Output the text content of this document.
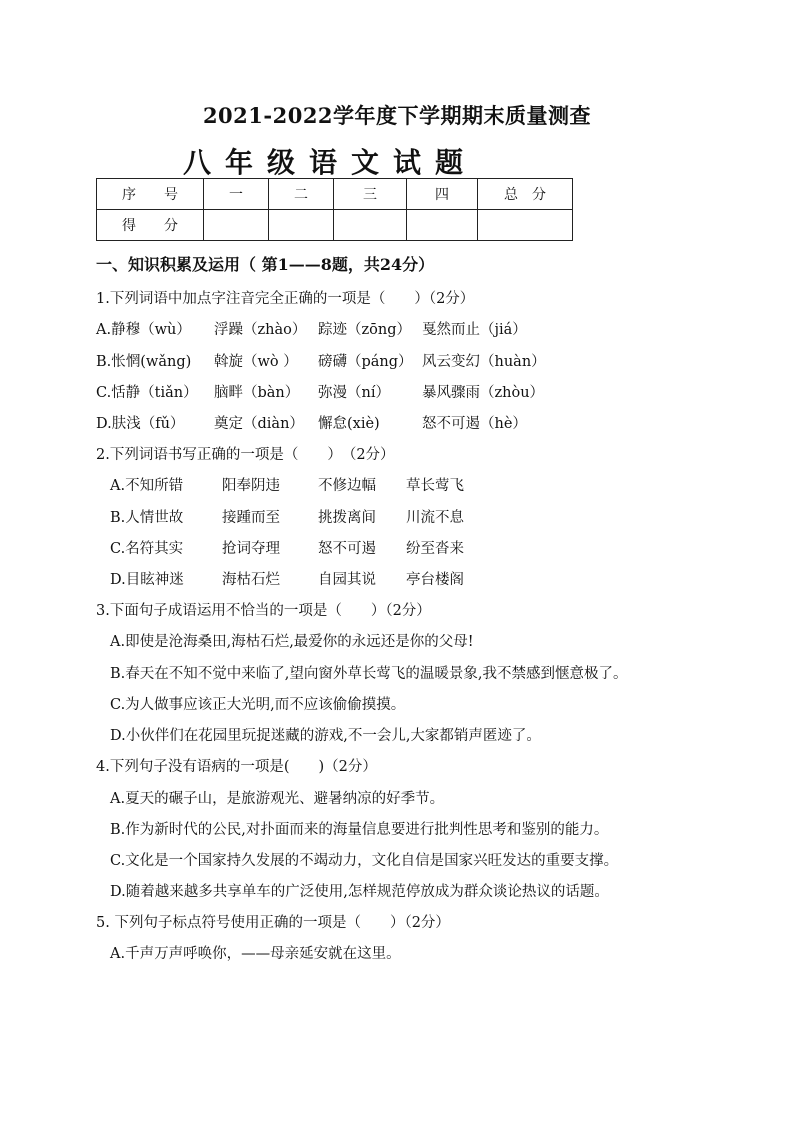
2021-2022学年度下学期期末质量测查
八年级语文试题
序　　号	一	二	三	四	总　分
得　　分					
一、知识积累及运用（ 第1——8题，共24分）
1.下列词语中加点字注音完全正确的一项是（　　）（2分）
A.静穆（wù） 浮躁（zhào） 踪迹（zōng） 戛然而止（jiá）
B.怅惘(wǎng) 斡旋（wò ） 磅礴（páng） 风云变幻（huàn）
C.恬静（tiǎn） 脑畔（bàn） 弥漫（ní） 暴风骤雨（zhòu）
D.肤浅（fǔ） 奠定（diàn） 懈怠(xiè)	怒不可遏（hè）
2.下列词语书写正确的一项是（　　）　（2分）
A.不知所错	阳奉阴违	不修边幅 草长莺飞
B.人情世故	接踵而至	挑拨离间 川流不息
C.名符其实	抢词夺理	怒不可遏 纷至沓来
D.目眩神迷	海枯石烂	自园其说 亭台楼阁
3.下面句子成语运用不恰当的一项是（　　）（2分）
A.即使是沧海桑田,海枯石烂,最爱你的永远还是你的父母!
B.春天在不知不觉中来临了,望向窗外草长莺飞的温暖景象,我不禁感到惬意极了。
C.为人做事应该正大光明,而不应该偷偷摸摸。
D.小伙伴们在花园里玩捉迷藏的游戏,不一会儿,大家都销声匿迹了。
4.下列句子没有语病的一项是(　　)（2分）
A.夏天的碾子山，是旅游观光、避暑纳凉的好季节。
B.作为新时代的公民,对扑面而来的海量信息要进行批判性思考和鉴别的能力。
C.文化是一个国家持久发展的不竭动力，文化自信是国家兴旺发达的重要支撑。
D.随着越来越多共享单车的广泛使用,怎样规范停放成为群众谈论热议的话题。
5. 下列句子标点符号使用正确的一项是（　　）（2分）
A.千声万声呼唤你，——母亲延安就在这里。
